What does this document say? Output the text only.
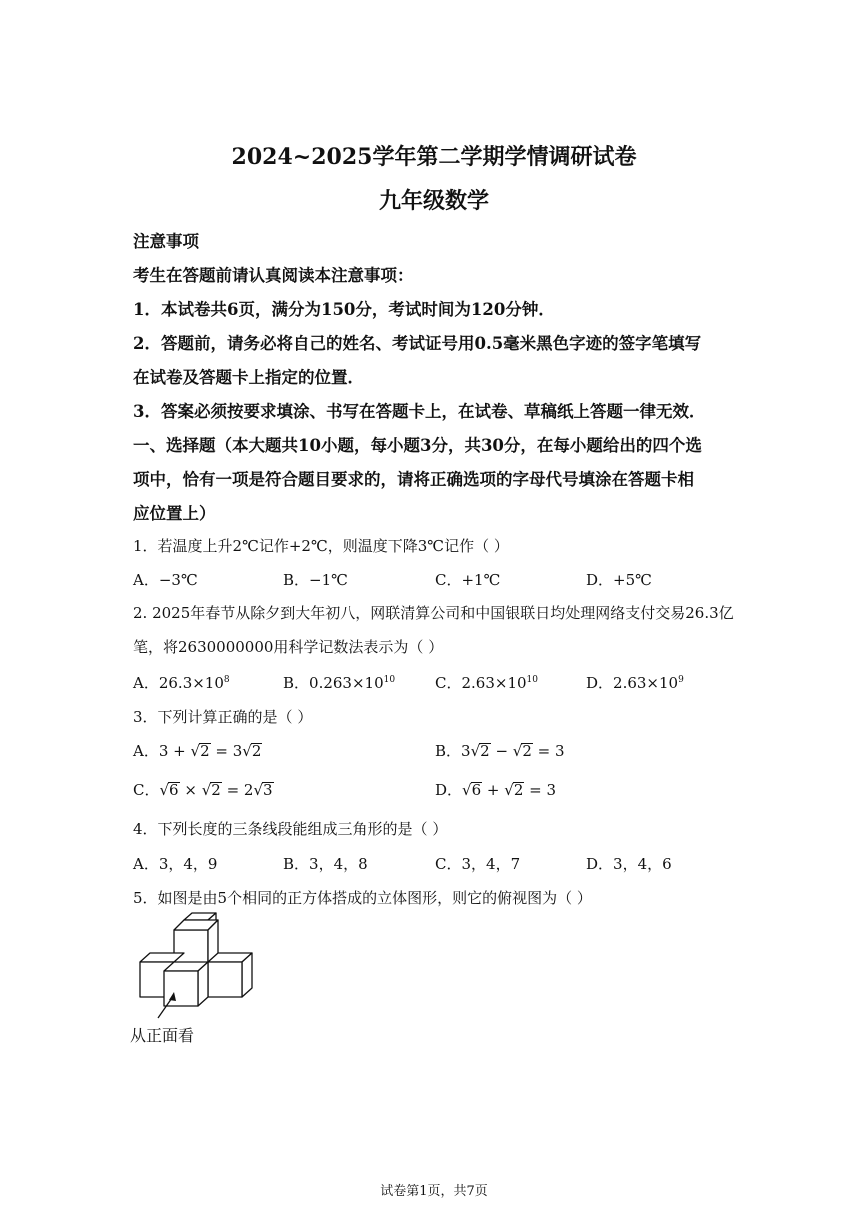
2024~2025学年第二学期学情调研试卷
九年级数学
注意事项
考生在答题前请认真阅读本注意事项：
1．本试卷共6页，满分为150分，考试时间为120分钟．
2．答题前，请务必将自己的姓名、考试证号用0.5毫米黑色字迹的签字笔填写
在试卷及答题卡上指定的位置．
3．答案必须按要求填涂、书写在答题卡上，在试卷、草稿纸上答题一律无效．
一、选择题（本大题共10小题，每小题3分，共30分，在每小题给出的四个选
项中，恰有一项是符合题目要求的，请将正确选项的字母代号填涂在答题卡相
应位置上）
1．若温度上升2℃记作+2℃，则温度下降3℃记作（ ）
A．−3℃	B．−1℃	C．+1℃	D．+5℃
2. 2025年春节从除夕到大年初八，网联清算公司和中国银联日均处理网络支付交易26.3亿
笔，将2630000000用科学记数法表示为（ ）
A．$26.3\times 10^8$	B．$0.263\times 10^{10}$	C．$2.63\times 10^{10}$	D．$2.63\times 10^9$
3．下列计算正确的是（ ）
A．3 + √2 = 3√2	B．3√2 − √2 = 3
C．√6 × √2 = 2√3	D．√6 + √2 = 3
4．下列长度的三条线段能组成三角形的是（ ）
A．3，4，9	B．3，4，8	C．3，4，7	D．3，4，6
5．如图是由5个相同的正方体搭成的立体图形，则它的俯视图为（ ）
从正面看
试卷第1页，共7页
